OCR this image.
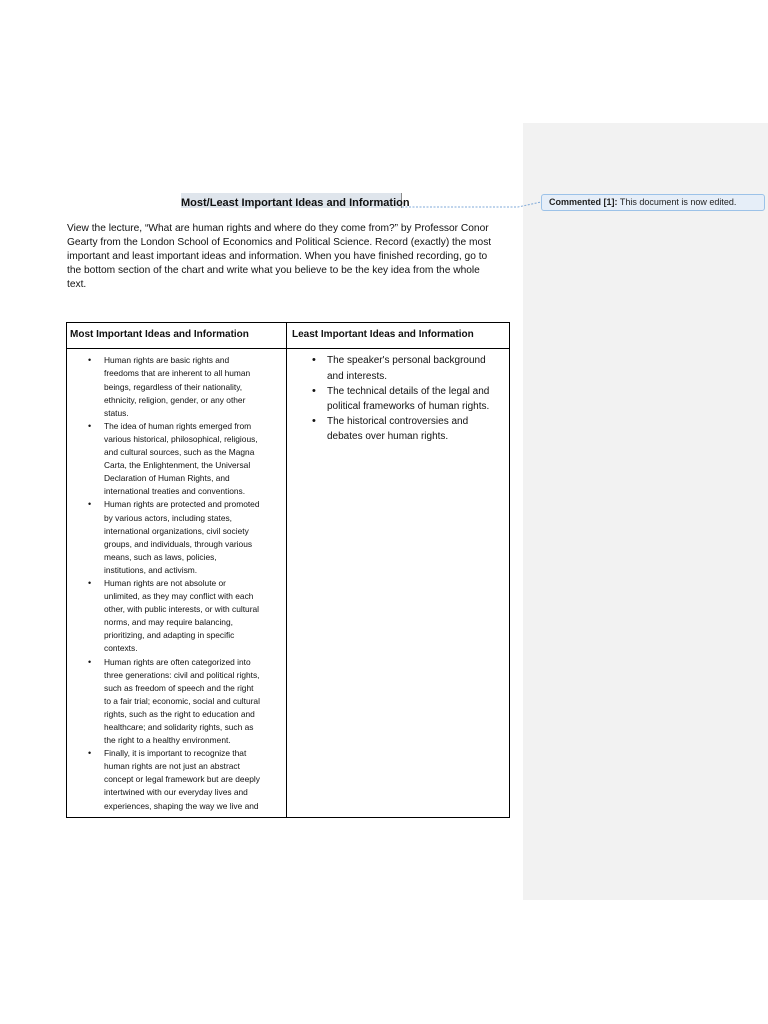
Most/Least Important Ideas and Information	Commented [1]: This document is now edited.
View the lecture, “What are human rights and where do they come from?” by Professor Conor
Gearty from the London School of Economics and Political Science. Record (exactly) the most
important and least important ideas and information. When you have finished recording, go to
the bottom section of the chart and write what you believe to be the key idea from the whole
text.
Most Important Ideas and Information	Least Important Ideas and Information
• Human rights are basic rights and
freedoms that are inherent to all human
beings, regardless of their nationality,
ethnicity, religion, gender, or any other
status.
• The idea of human rights emerged from
various historical, philosophical, religious,
and cultural sources, such as the Magna
Carta, the Enlightenment, the Universal
Declaration of Human Rights, and
international treaties and conventions.
• Human rights are protected and promoted
by various actors, including states,
international organizations, civil society
groups, and individuals, through various
means, such as laws, policies,
institutions, and activism.
• Human rights are not absolute or
unlimited, as they may conflict with each
other, with public interests, or with cultural
norms, and may require balancing,
prioritizing, and adapting in specific
contexts.
• Human rights are often categorized into
three generations: civil and political rights,
such as freedom of speech and the right
to a fair trial; economic, social and cultural
rights, such as the right to education and
healthcare; and solidarity rights, such as
the right to a healthy environment.
• Finally, it is important to recognize that
human rights are not just an abstract
concept or legal framework but are deeply
intertwined with our everyday lives and
experiences, shaping the way we live and
• The speaker's personal background
and interests.
• The technical details of the legal and
political frameworks of human rights.
• The historical controversies and
debates over human rights.
